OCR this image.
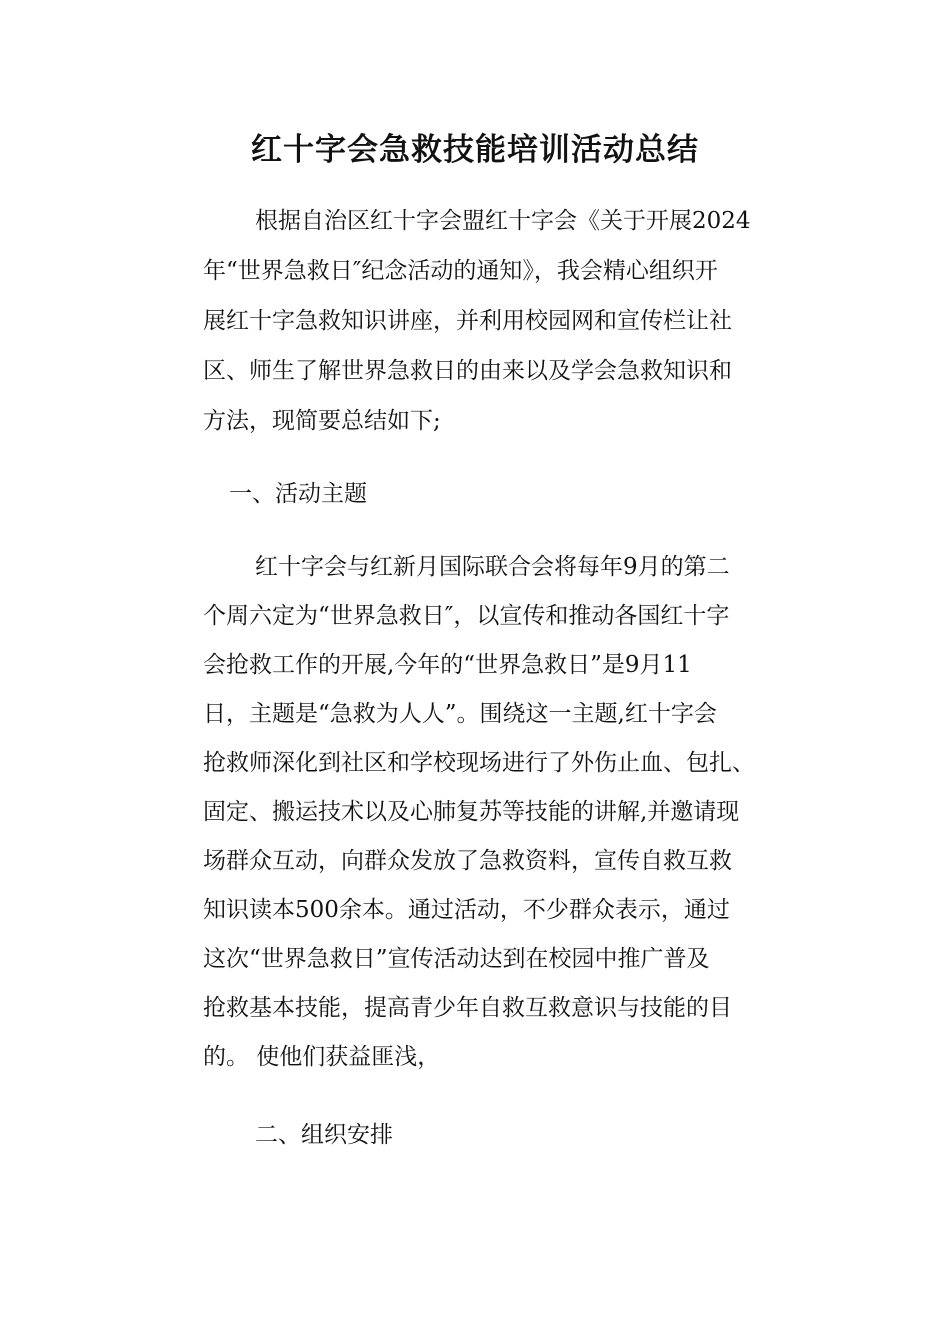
红十字会急救技能培训活动总结

根据自治区红十字会盟红十字会《关于开展2024

年“世界急救日″纪念活动的通知》，我会精心组织开

展红十字急救知识讲座，并利用校园网和宣传栏让社

区、师生了解世界急救日的由来以及学会急救知识和

方法，现简要总结如下;

一、活动主题

红十字会与红新月国际联合会将每年9月的第二

个周六定为“世界急救日″，以宣传和推动各国红十字

会抢救工作的开展,今年的“世界急救日”是9月11

日，主题是“急救为人人”。围绕这一主题,红十字会

抢救师深化到社区和学校现场进行了外伤止血、包扎、

固定、搬运技术以及心肺复苏等技能的讲解,并邀请现

场群众互动，向群众发放了急救资料，宣传自救互救

知识读本500余本。通过活动，不少群众表示，通过

这次“世界急救日”宣传活动达到在校园中推广普及

抢救基本技能，提高青少年自救互救意识与技能的目

的。 使他们获益匪浅，

二、组织安排
